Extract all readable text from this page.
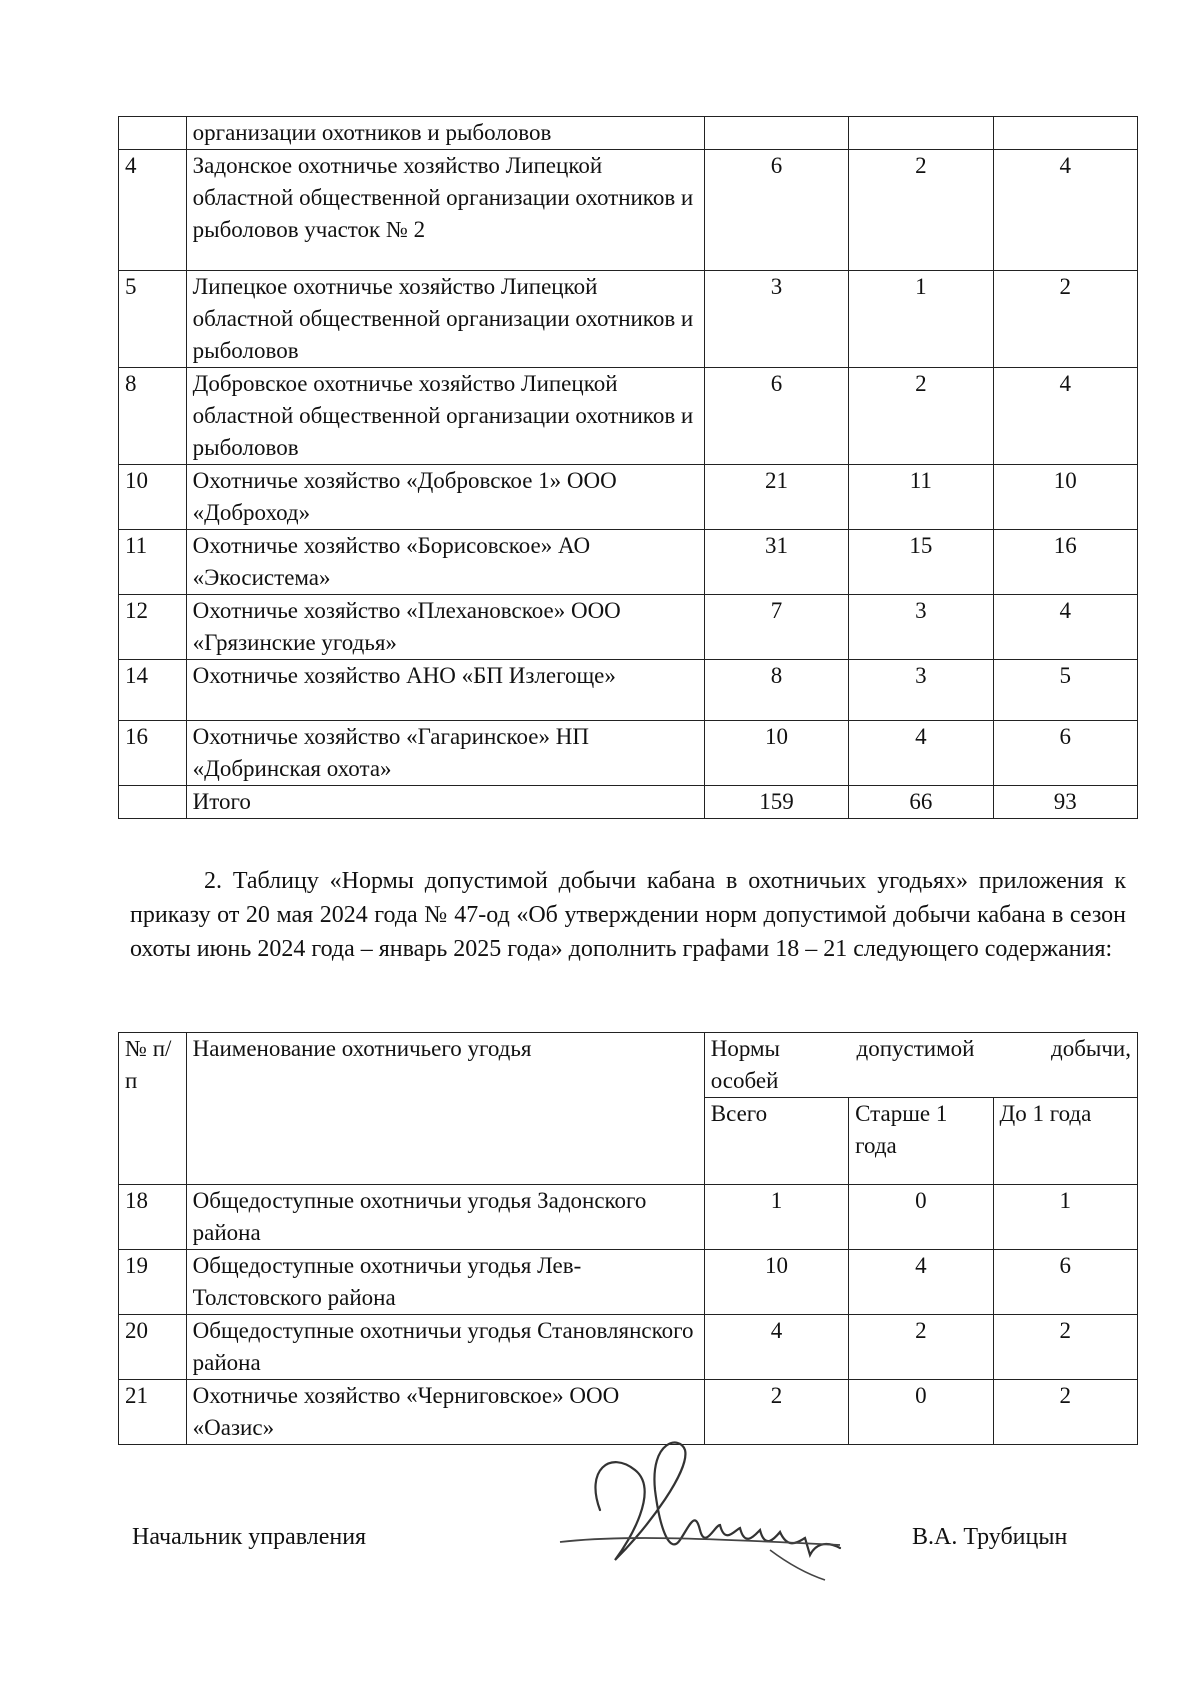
	организации охотников и рыболовов			
4	Задонское охотничье хозяйство Липецкой областной общественной организации охотников и рыболовов участок № 2	6	2	4
5	Липецкое охотничье хозяйство Липецкой областной общественной организации охотников и рыболовов	3	1	2
8	Добровское охотничье хозяйство Липецкой областной общественной организации охотников и рыболовов	6	2	4
10	Охотничье хозяйство «Добровское 1» ООО «Доброход»	21	11	10
11	Охотничье хозяйство «Борисовское» АО «Экосистема»	31	15	16
12	Охотничье хозяйство «Плехановское» ООО «Грязинские угодья»	7	3	4
14	Охотничье хозяйство АНО «БП Излегоще»	8	3	5
16	Охотничье хозяйство «Гагаринское» НП «Добринская охота»	10	4	6
	Итого	159	66	93
2. Таблицу «Нормы допустимой добычи кабана в охотничьих угодьях» приложения к приказу от 20 мая 2024 года № 47-од «Об утверждении норм допустимой добычи кабана в сезон охоты июнь 2024 года – январь 2025 года» дополнить графами 18 – 21 следующего содержания:
№ п/п	Наименование охотничьего угодья	Нормы допустимой добычи,
особей		

		Всего	Старше 1 года	До 1 года
18	Общедоступные охотничьи угодья Задонского района	1	0	1
19	Общедоступные охотничьи угодья Лев-Толстовского района	10	4	6
20	Общедоступные охотничьи угодья Становлянского района	4	2	2
21	Охотничье хозяйство «Черниговское» ООО «Оазис»	2	0	2
Начальник управления	В.А. Трубицын
